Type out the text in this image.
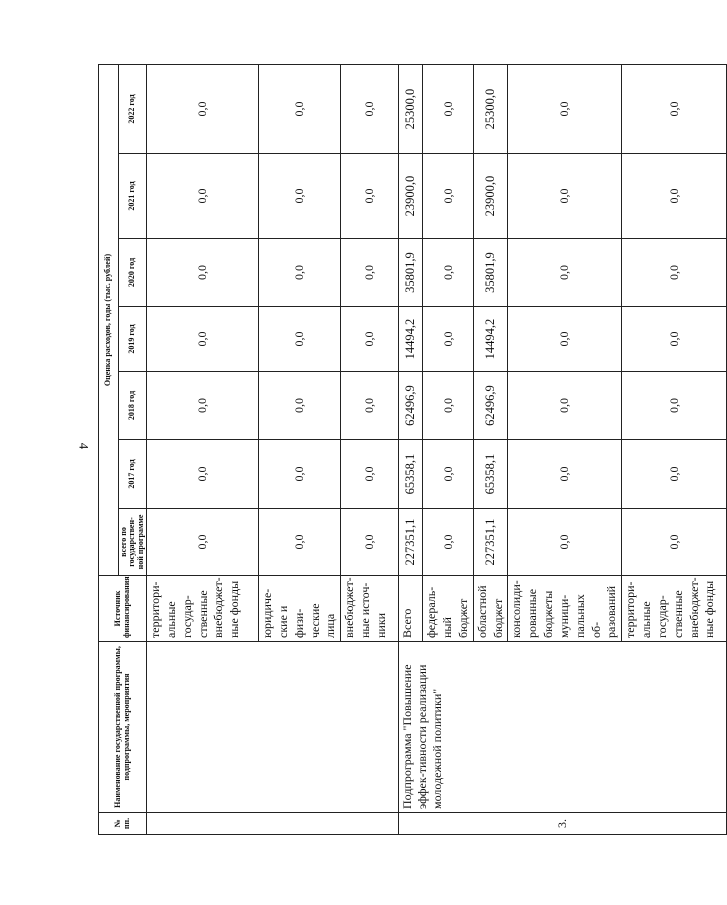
4
№ пп.	Наименование государственной программы, подпрограммы, мероприятия	Источник финансирования	Оценка расходов, годы (тыс. рублей)						
			всего по государствен-ной программе	2017 год	2018 год	2019 год	2020 год	2021 год	2022 год
		территори-альные государ-ственные внебюджет-ные фонды	0,0	0,0	0,0	0,0	0,0	0,0	0,0
		юридиче-ские и физи-ческие лица	0,0	0,0	0,0	0,0	0,0	0,0	0,0
		внебюджет-ные источ-ники	0,0	0,0	0,0	0,0	0,0	0,0	0,0
3.	Подпрограмма "Повышение эффек-тивности реализации молодежной политики"	Всего	227351,1	65358,1	62496,9	14494,2	35801,9	23900,0	25300,0
		федераль-ный бюджет	0,0	0,0	0,0	0,0	0,0	0,0	0,0
		областной бюджет	227351,1	65358,1	62496,9	14494,2	35801,9	23900,0	25300,0
		консолиди-рованные бюджеты муници-пальных об-разований	0,0	0,0	0,0	0,0	0,0	0,0	0,0
		территори-альные государ-ственные внебюджет-ные фонды	0,0	0,0	0,0	0,0	0,0	0,0	0,0
